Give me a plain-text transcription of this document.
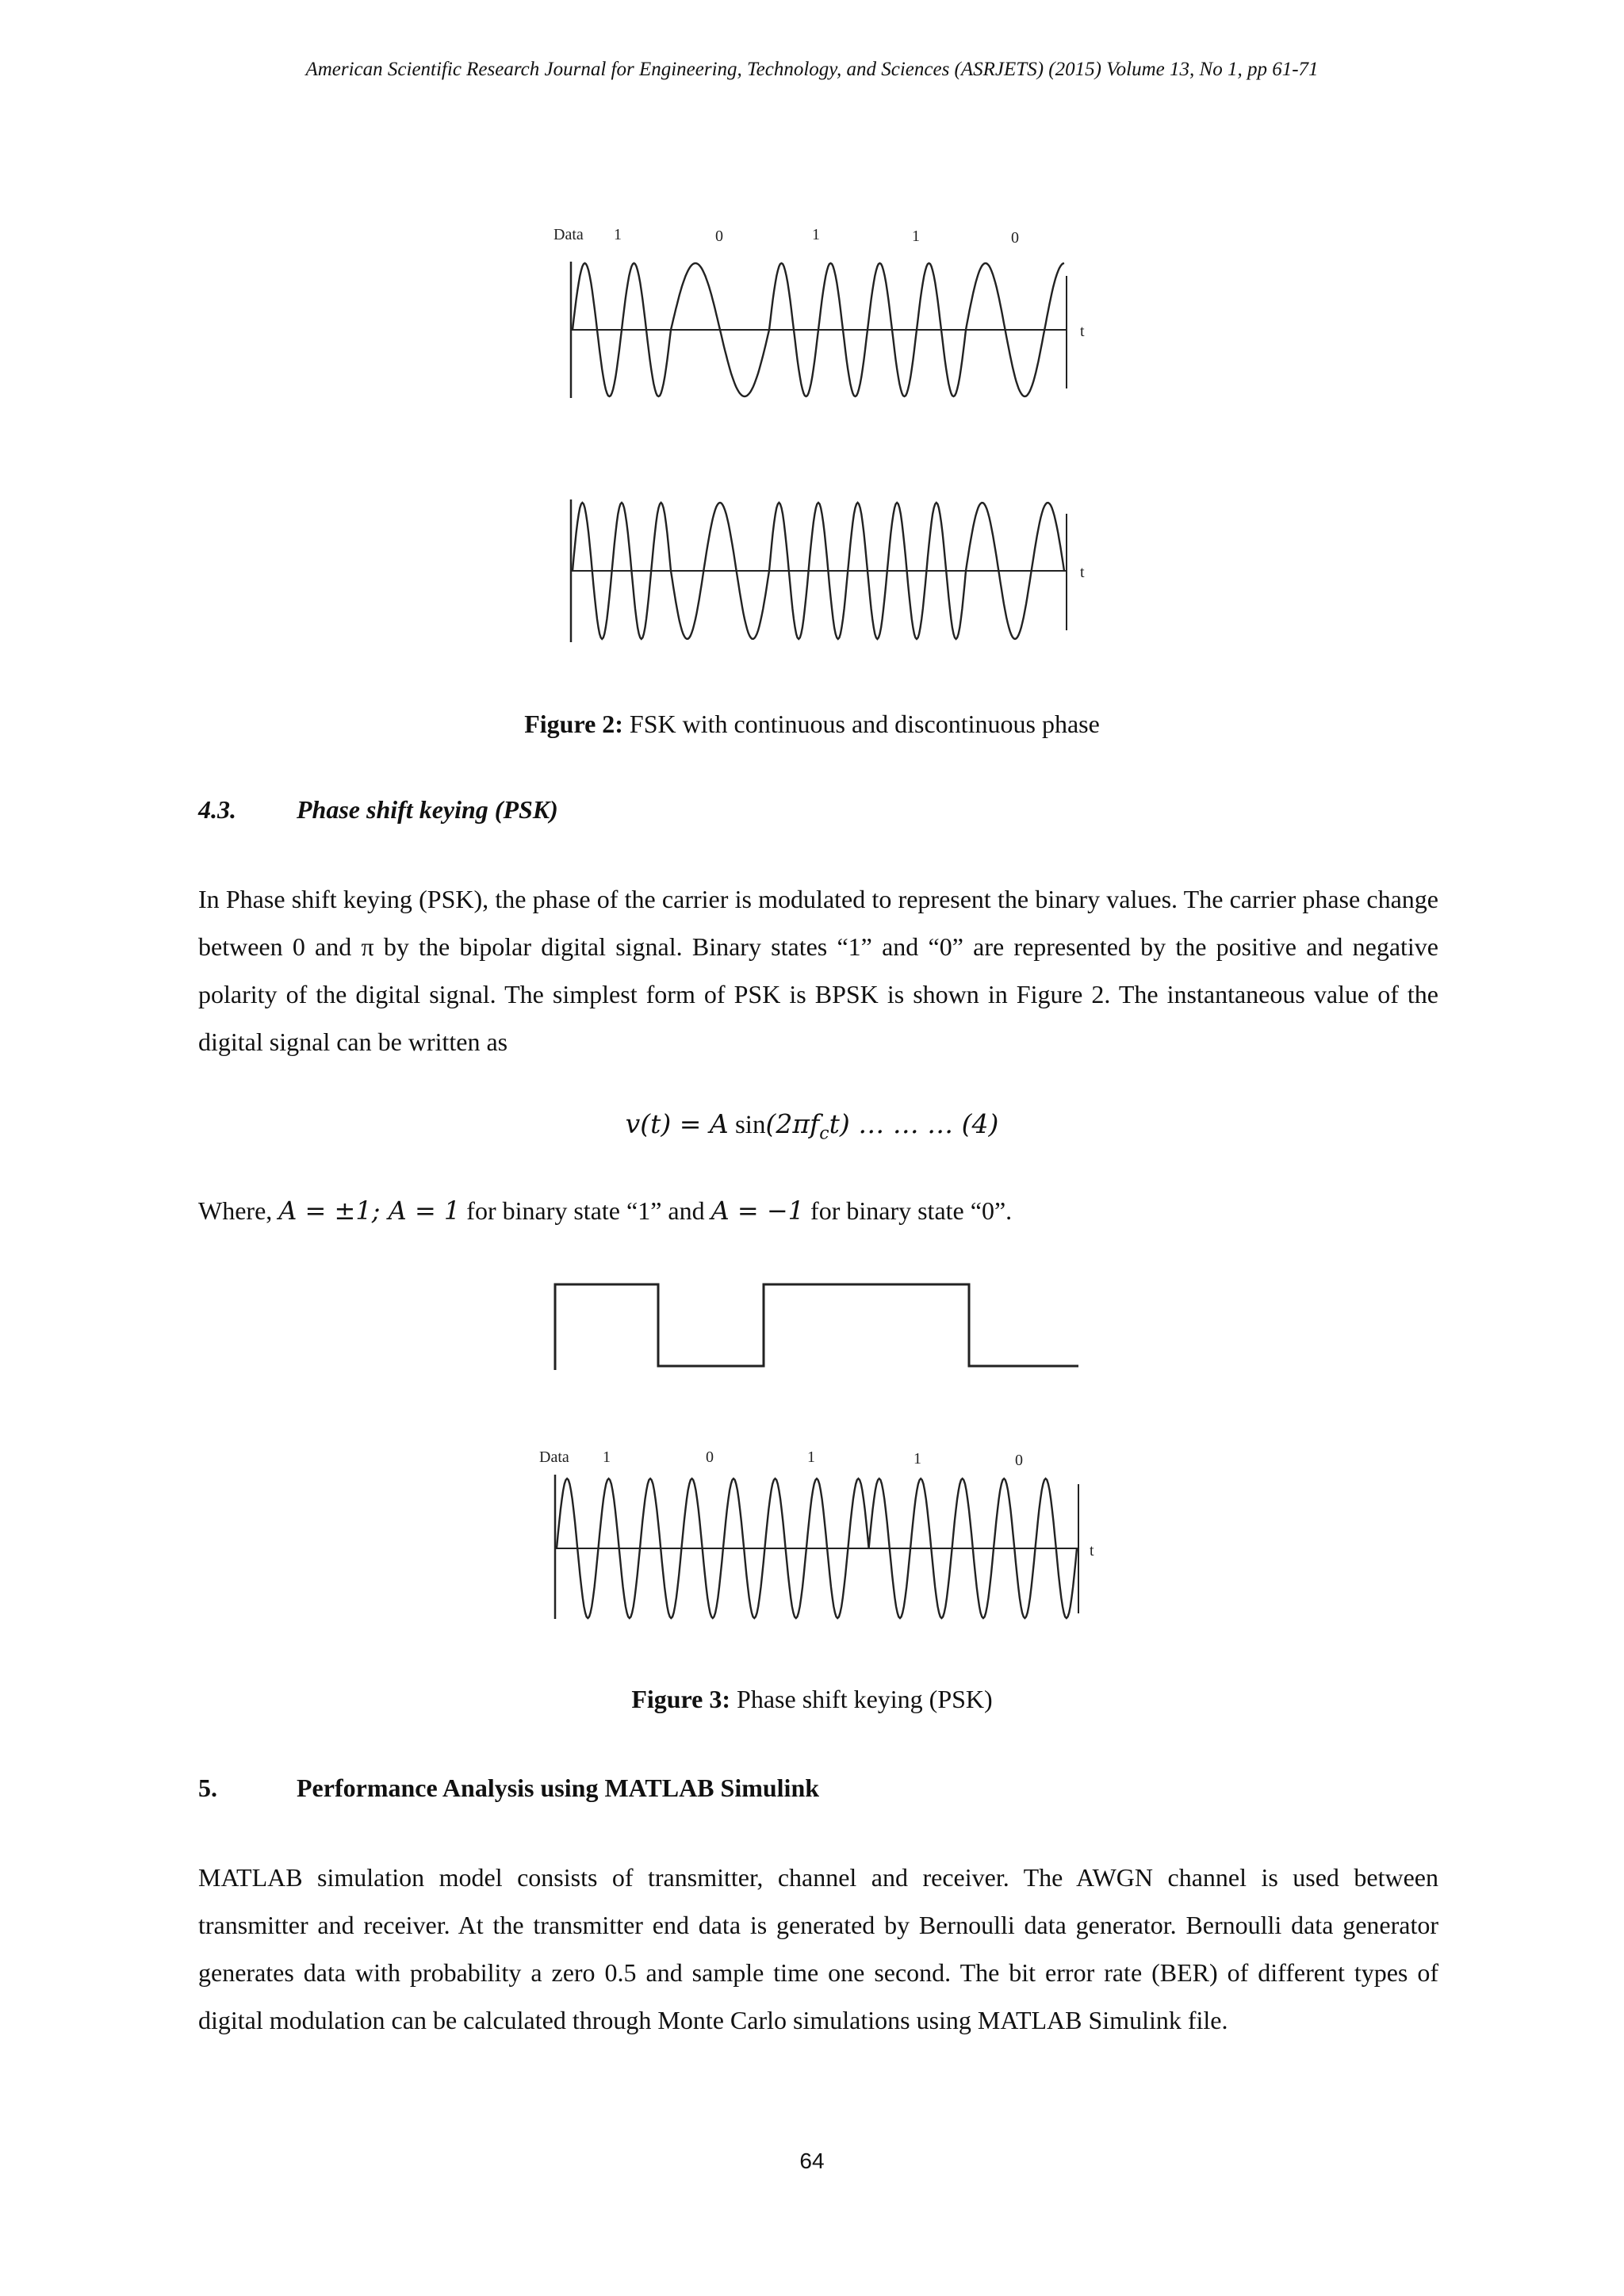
American Scientific Research Journal for Engineering, Technology, and Sciences (ASRJETS) (2015) Volume 13, No 1, pp 61-71
Data 1	0	1	1	0
t
t
Figure 2: FSK with continuous and discontinuous phase
4.3. Phase shift keying (PSK)

In Phase shift keying (PSK), the phase of the carrier is modulated to represent the binary values. The carrier phase change between 0 and π by the bipolar digital signal. Binary states “1” and “0” are represented by the positive and negative polarity of the digital signal. The simplest form of PSK is BPSK is shown in Figure 2. The instantaneous value of the digital signal can be written as

v(t) = A $\sin(2\pi f_ct)$ … … … (4)
Where, A = ±1; A = 1 for binary state “1” and A = −1 for binary state “0”.
Data 1	0	1	1	0
t
Figure 3: Phase shift keying (PSK)
5.	Performance Analysis using MATLAB Simulink

MATLAB simulation model consists of transmitter, channel and receiver. The AWGN channel is used between transmitter and receiver. At the transmitter end data is generated by Bernoulli data generator. Bernoulli data generator generates data with probability a zero 0.5 and sample time one second. The bit error rate (BER) of different types of digital modulation can be calculated through Monte Carlo simulations using MATLAB Simulink file.

64
